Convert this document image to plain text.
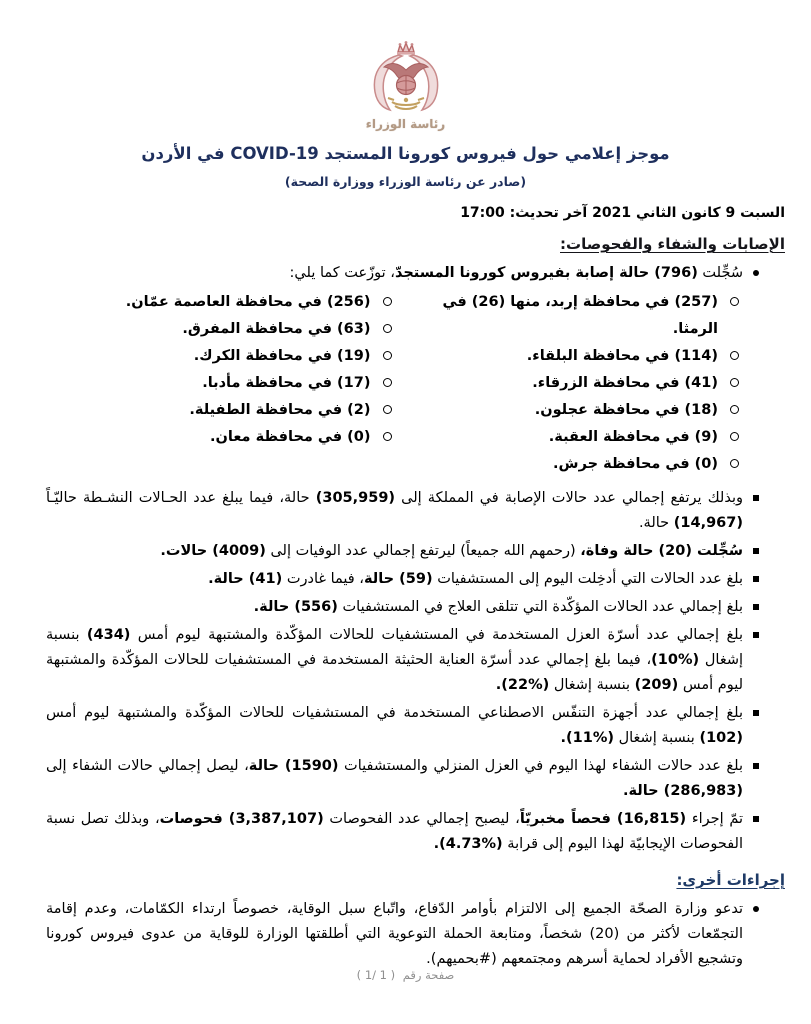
رئاسة الوزراء
موجز إعلامي حول فيروس كورونا المستجد COVID-19 في الأردن
(صادر عن رئاسة الوزراء ووزارة الصحة)
السبت 9 كانون الثاني 2021 آخر تحديث: 17:00
الإصابات والشفاء والفحوصات:
سُجِّلت (796) حالة إصابة بفيروس كورونا المستجدّ، توزّعت كما يلي:
(257) في محافظة إربد، منها (26) في الرمثا.
(114) في محافظة البلقاء.
(41) في محافظة الزرقاء.
(18) في محافظة عجلون.
(9) في محافظة العقبة.
(0) في محافظة جرش.
(256) في محافظة العاصمة عمّان.
(63) في محافظة المفرق.
(19) في محافظة الكرك.
(17) في محافظة مأدبا.
(2) في محافظة الطفيلة.
(0) في محافظة معان.
وبذلك يرتفع إجمالي عدد حالات الإصابة في المملكة إلى (305,959) حالة، فيما يبلغ عدد الحـالات النشـطة حاليّـاً (14,967) حالة.
سُجِّلت (20) حالة وفاة، (رحمهم الله جميعاً) ليرتفع إجمالي عدد الوفيات إلى (4009) حالات.
بلغ عدد الحالات التي أدخِلت اليوم إلى المستشفيات (59) حالة، فيما غادرت (41) حالة.
بلغ إجمالي عدد الحالات المؤكّدة التي تتلقى العلاج في المستشفيات (556) حالة.
بلغ إجمالي عدد أسرّة العزل المستخدمة في المستشفيات للحالات المؤكّدة والمشتبهة ليوم أمس (434) بنسبة إشغال (%10)، فيما بلغ إجمالي عدد أسرّة العناية الحثيثة المستخدمة في المستشفيات للحالات المؤكّدة والمشتبهة ليوم أمس (209) بنسبة إشغال (%22).
بلغ إجمالي عدد أجهزة التنفّس الاصطناعي المستخدمة في المستشفيات للحالات المؤكّدة والمشتبهة ليوم أمس (102) بنسبة إشغال (%11).
بلغ عدد حالات الشفاء لهذا اليوم في العزل المنزلي والمستشفيات (1590) حالة، ليصل إجمالي حالات الشفاء إلى (286,983) حالة.
تمّ إجراء (16,815) فحصاً مخبريّاً، ليصبح إجمالي عدد الفحوصات (3,387,107) فحوصات، وبذلك تصل نسبة الفحوصات الإيجابيّة لهذا اليوم إلى قرابة (%4.73).
إجراءات أخرى:
تدعو وزارة الصحّة الجميع إلى الالتزام بأوامر الدّفاع، واتّباع سبل الوقاية، خصوصاً ارتداء الكمّامات، وعدم إقامة التجمّعات لأكثر من (20) شخصاً، ومتابعة الحملة التوعوية التي أطلقتها الوزارة للوقاية من عدوى فيروس كورونا وتشجيع الأفراد لحماية أسرهم ومجتمعهم (#بحميهم).
صفحة رقم ( 1/ 1 )
